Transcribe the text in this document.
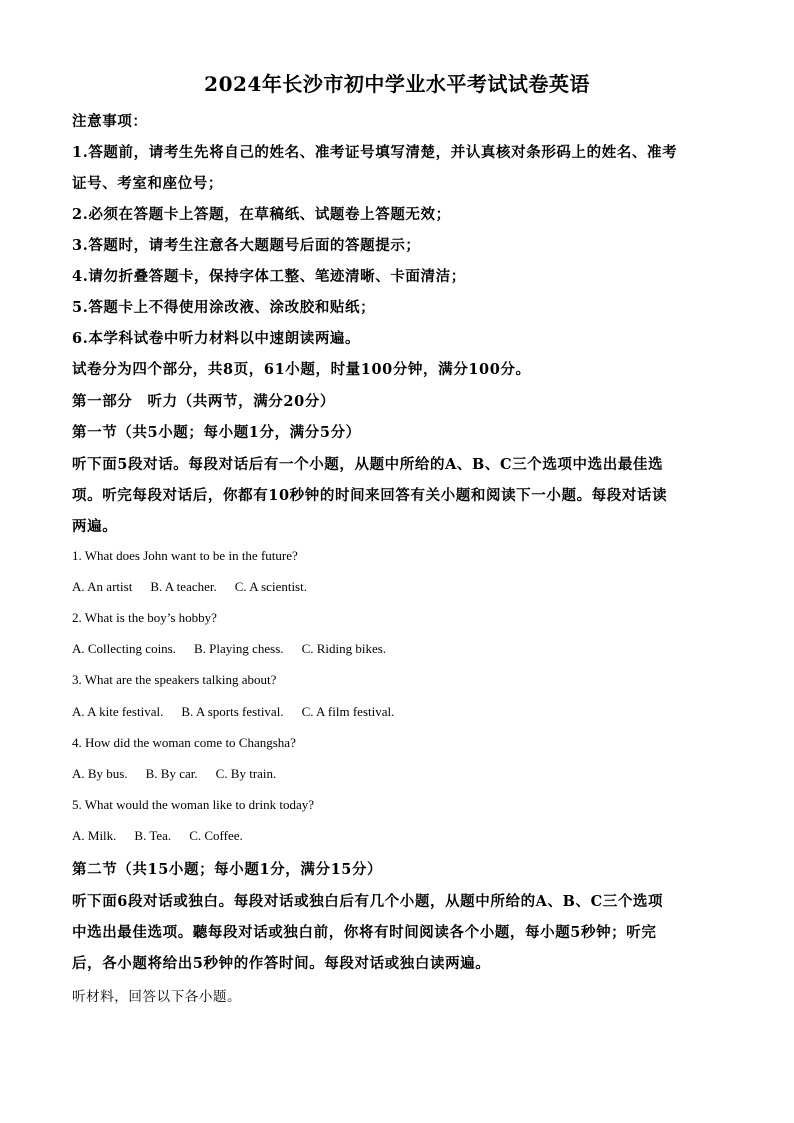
2024年长沙市初中学业水平考试试卷英语
注意事项：
1.答题前，请考生先将自己的姓名、准考证号填写清楚，并认真核对条形码上的姓名、准考
证号、考室和座位号；
2.必须在答题卡上答题，在草稿纸、试题卷上答题无效；
3.答题时，请考生注意各大题题号后面的答题提示；
4.请勿折叠答题卡，保持字体工整、笔迹清晰、卡面清洁；
5.答题卡上不得使用涂改液、涂改胶和贴纸；
6.本学科试卷中听力材料以中速朗读两遍。
试卷分为四个部分，共8页，61小题，时量100分钟，满分100分。
第一部分　听力（共两节，满分20分）
第一节（共5小题；每小题1分，满分5分）
听下面5段对话。每段对话后有一个小题，从题中所给的A、B、C三个选项中选出最佳选
项。听完每段对话后，你都有10秒钟的时间来回答有关小题和阅读下一小题。每段对话读
两遍。
1. What does John want to be in the future?
A. An artist B. A teacher. C. A scientist.
2. What is the boy’s hobby?
A. Collecting coins. B. Playing chess. C. Riding bikes.
3. What are the speakers talking about?
A. A kite festival. B. A sports festival. C. A film festival.
4. How did the woman come to Changsha?
A. By bus. B. By car. C. By train.
5. What would the woman like to drink today?
A. Milk. B. Tea. C. Coffee.
第二节（共15小题；每小题1分，满分15分）
听下面6段对话或独白。每段对话或独白后有几个小题，从题中所给的A、B、C三个选项
中选出最佳选项。聽每段对话或独白前，你将有时间阅读各个小题，每小题5秒钟；听完
后，各小题将给出5秒钟的作答时间。每段对话或独白读两遍。
听材料，回答以下各小题。
